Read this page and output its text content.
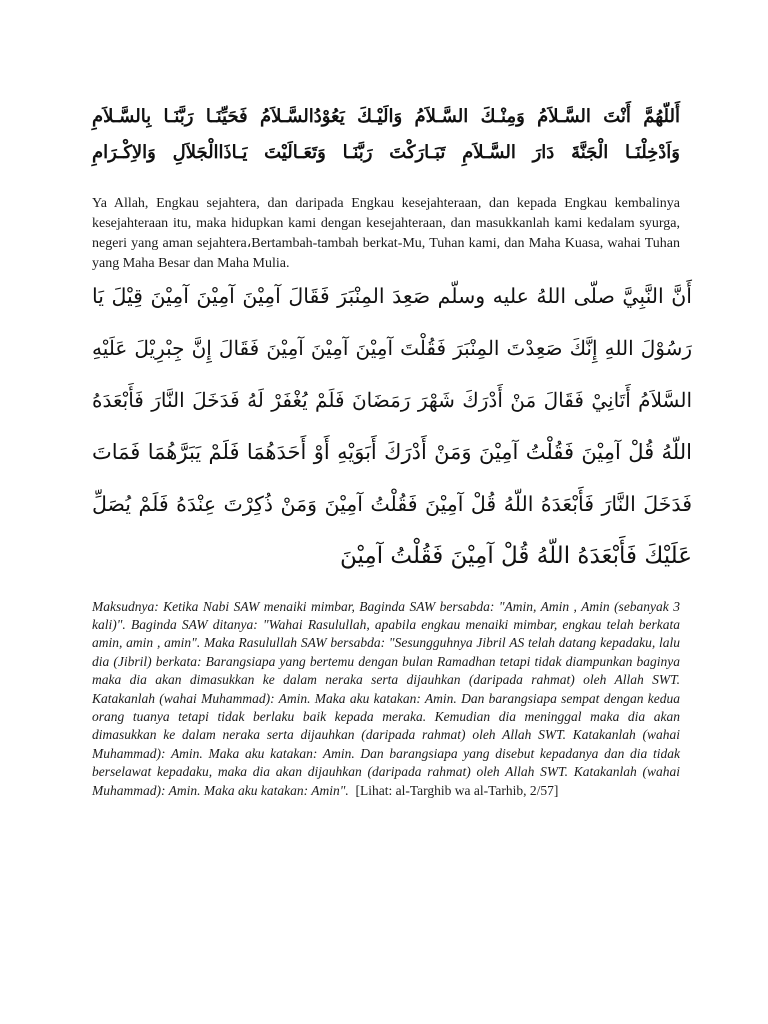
أَللّهُمَّ أَنْتَ السَّـلاَمُ وَمِنْـكَ السَّـلاَمُ وَالَيْـكَ يَعُوْدُالسَّـلاَمُ فَحَيِّنَـا رَبَّنَـا بِالسَّـلاَمِ
وَاَدْخِلْنَـا الْجَنَّةَ دَارَ السَّـلاَمِ تَبَـارَكْتَ رَبَّنَـا وَتَعَـالَيْتَ يَـاذَاالْجَلاَلِ وَالاِكْـرَامِ

Ya Allah, Engkau sejahtera, dan daripada Engkau kesejahteraan, dan kepada Engkau kembalinya kesejahteraan itu, maka hidupkan kami dengan kesejahteraan, dan masukkanlah kami kedalam syurga, negeri yang aman sejahtera،Bertambah-tambah berkat-Mu, Tuhan kami, dan Maha Kuasa, wahai Tuhan yang Maha Besar dan Maha Mulia.

أَنَّ النَّبِيَّ صلّى اللهُ عليه وسلّم صَعِدَ المِنْبَرَ فَقَالَ آمِيْنَ آمِيْنَ آمِيْنَ قِيْلَ يَا
رَسُوْلَ اللهِ إِنَّكَ صَعِدْتَ المِنْبَرَ فَقُلْتَ آمِيْنَ آمِيْنَ آمِيْنَ فَقَالَ إِنَّ جِبْرِيْلَ عَلَيْهِ
السَّلاَمُ أَتَانِيْ فَقَالَ مَنْ أَدْرَكَ شَهْرَ رَمَضَانَ فَلَمْ يُغْفَرْ لَهُ فَدَخَلَ النَّارَ فَأَبْعَدَهُ
اللّهُ قُلْ آمِيْنَ فَقُلْتُ آمِيْنَ وَمَنْ أَدْرَكَ أَبَوَيْهِ أَوْ أَحَدَهُمَا فَلَمْ يَبَرَّهُمَا فَمَاتَ
فَدَخَلَ النَّارَ فَأَبْعَدَهُ اللّهُ قُلْ آمِيْنَ فَقُلْتُ آمِيْنَ وَمَنْ ذُكِرْتَ عِنْدَهُ فَلَمْ يُصَلِّ
عَلَيْكَ فَأَبْعَدَهُ اللّهُ قُلْ آمِيْنَ فَقُلْتُ آمِيْنَ

Maksudnya: Ketika Nabi SAW menaiki mimbar, Baginda SAW bersabda: "Amin, Amin , Amin (sebanyak 3 kali)". Baginda SAW ditanya: "Wahai Rasulullah, apabila engkau menaiki mimbar, engkau telah berkata amin, amin , amin". Maka Rasulullah SAW bersabda: "Sesungguhnya Jibril AS telah datang kepadaku, lalu dia (Jibril) berkata: Barangsiapa yang bertemu dengan bulan Ramadhan tetapi tidak diampunkan baginya maka dia akan dimasukkan ke dalam neraka serta dijauhkan (daripada rahmat) oleh Allah SWT. Katakanlah (wahai Muhammad): Amin. Maka aku katakan: Amin. Dan barangsiapa sempat dengan kedua orang tuanya tetapi tidak berlaku baik kepada meraka. Kemudian dia meninggal maka dia akan dimasukkan ke dalam neraka serta dijauhkan (daripada rahmat) oleh Allah SWT. Katakanlah (wahai Muhammad): Amin. Maka aku katakan: Amin. Dan barangsiapa yang disebut kepadanya dan dia tidak berselawat kepadaku, maka dia akan dijauhkan (daripada rahmat) oleh Allah SWT. Katakanlah (wahai Muhammad): Amin. Maka aku katakan: Amin". [Lihat: al-Targhib wa al-Tarhib, 2/57]
